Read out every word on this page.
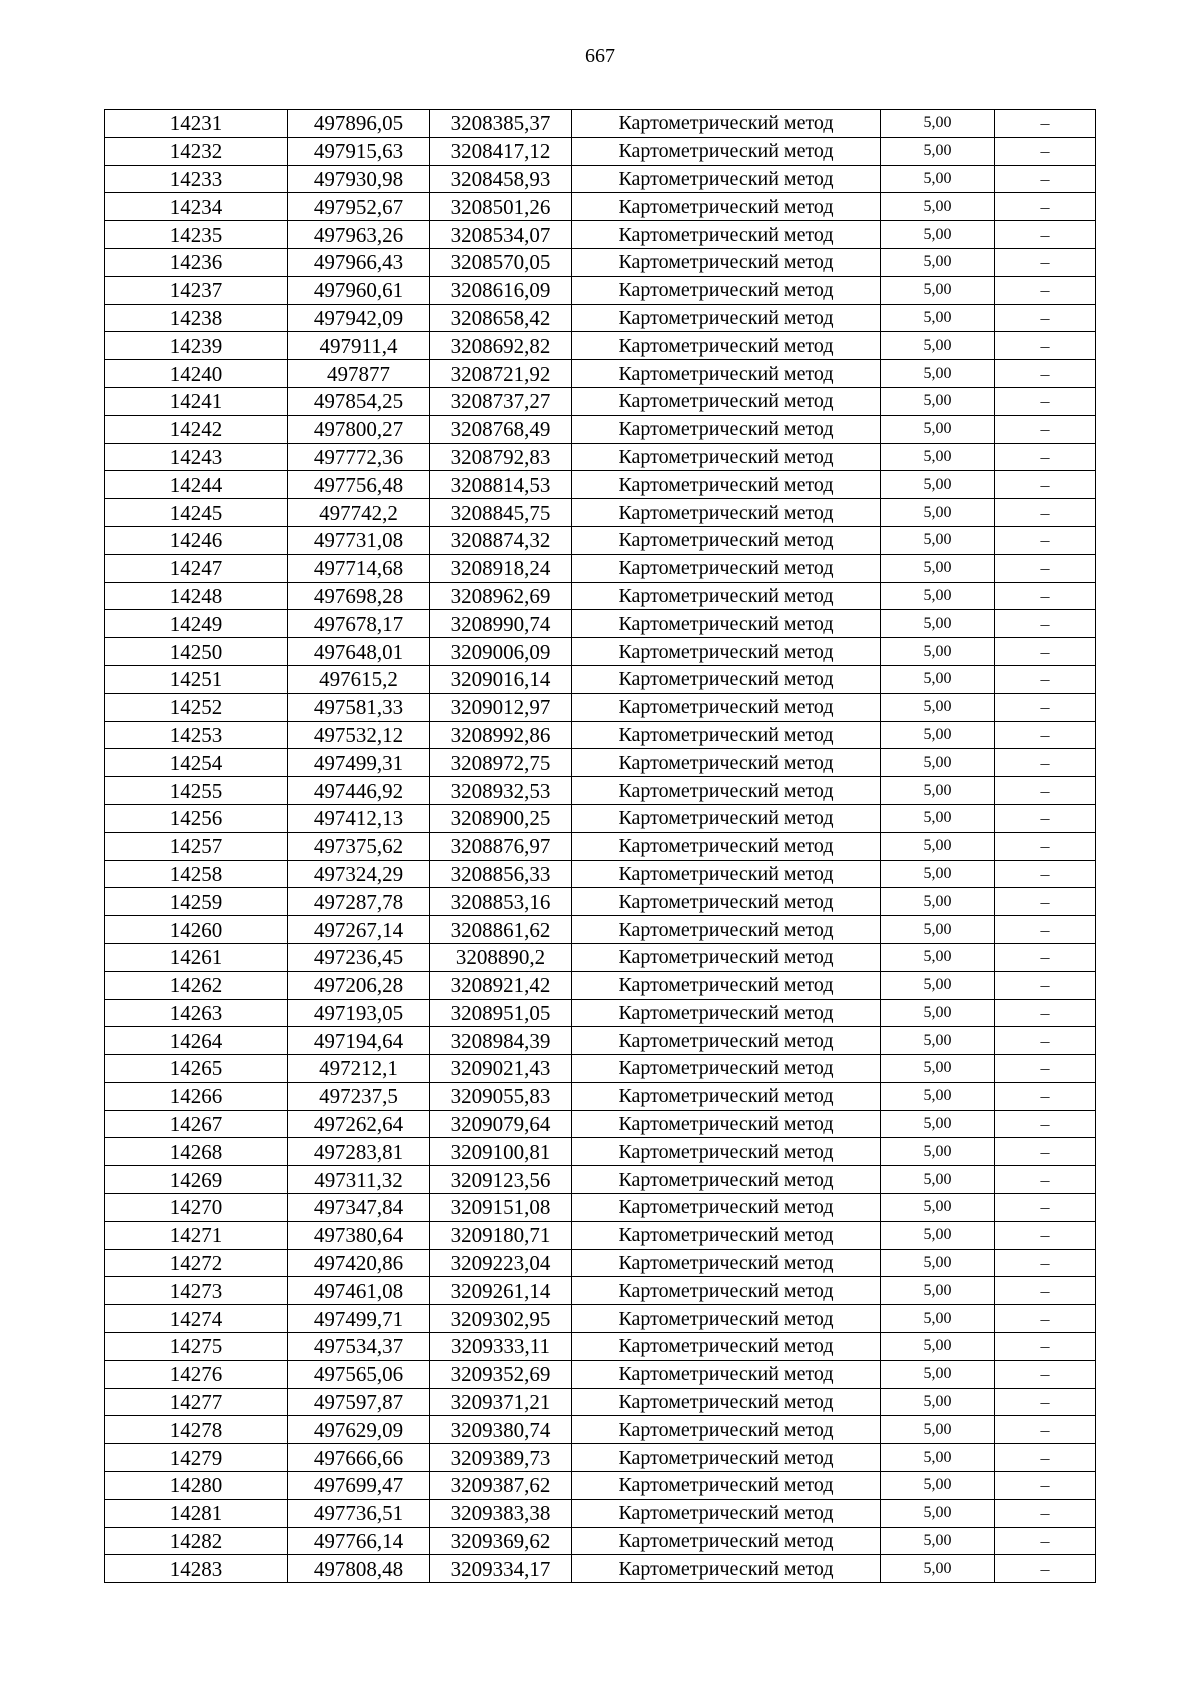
667
14231	497896,05	3208385,37	Картометрический метод	5,00	–
14232	497915,63	3208417,12	Картометрический метод	5,00	–
14233	497930,98	3208458,93	Картометрический метод	5,00	–
14234	497952,67	3208501,26	Картометрический метод	5,00	–
14235	497963,26	3208534,07	Картометрический метод	5,00	–
14236	497966,43	3208570,05	Картометрический метод	5,00	–
14237	497960,61	3208616,09	Картометрический метод	5,00	–
14238	497942,09	3208658,42	Картометрический метод	5,00	–
14239	497911,4	3208692,82	Картометрический метод	5,00	–
14240	497877	3208721,92	Картометрический метод	5,00	–
14241	497854,25	3208737,27	Картометрический метод	5,00	–
14242	497800,27	3208768,49	Картометрический метод	5,00	–
14243	497772,36	3208792,83	Картометрический метод	5,00	–
14244	497756,48	3208814,53	Картометрический метод	5,00	–
14245	497742,2	3208845,75	Картометрический метод	5,00	–
14246	497731,08	3208874,32	Картометрический метод	5,00	–
14247	497714,68	3208918,24	Картометрический метод	5,00	–
14248	497698,28	3208962,69	Картометрический метод	5,00	–
14249	497678,17	3208990,74	Картометрический метод	5,00	–
14250	497648,01	3209006,09	Картометрический метод	5,00	–
14251	497615,2	3209016,14	Картометрический метод	5,00	–
14252	497581,33	3209012,97	Картометрический метод	5,00	–
14253	497532,12	3208992,86	Картометрический метод	5,00	–
14254	497499,31	3208972,75	Картометрический метод	5,00	–
14255	497446,92	3208932,53	Картометрический метод	5,00	–
14256	497412,13	3208900,25	Картометрический метод	5,00	–
14257	497375,62	3208876,97	Картометрический метод	5,00	–
14258	497324,29	3208856,33	Картометрический метод	5,00	–
14259	497287,78	3208853,16	Картометрический метод	5,00	–
14260	497267,14	3208861,62	Картометрический метод	5,00	–
14261	497236,45	3208890,2	Картометрический метод	5,00	–
14262	497206,28	3208921,42	Картометрический метод	5,00	–
14263	497193,05	3208951,05	Картометрический метод	5,00	–
14264	497194,64	3208984,39	Картометрический метод	5,00	–
14265	497212,1	3209021,43	Картометрический метод	5,00	–
14266	497237,5	3209055,83	Картометрический метод	5,00	–
14267	497262,64	3209079,64	Картометрический метод	5,00	–
14268	497283,81	3209100,81	Картометрический метод	5,00	–
14269	497311,32	3209123,56	Картометрический метод	5,00	–
14270	497347,84	3209151,08	Картометрический метод	5,00	–
14271	497380,64	3209180,71	Картометрический метод	5,00	–
14272	497420,86	3209223,04	Картометрический метод	5,00	–
14273	497461,08	3209261,14	Картометрический метод	5,00	–
14274	497499,71	3209302,95	Картометрический метод	5,00	–
14275	497534,37	3209333,11	Картометрический метод	5,00	–
14276	497565,06	3209352,69	Картометрический метод	5,00	–
14277	497597,87	3209371,21	Картометрический метод	5,00	–
14278	497629,09	3209380,74	Картометрический метод	5,00	–
14279	497666,66	3209389,73	Картометрический метод	5,00	–
14280	497699,47	3209387,62	Картометрический метод	5,00	–
14281	497736,51	3209383,38	Картометрический метод	5,00	–
14282	497766,14	3209369,62	Картометрический метод	5,00	–
14283	497808,48	3209334,17	Картометрический метод	5,00	–
